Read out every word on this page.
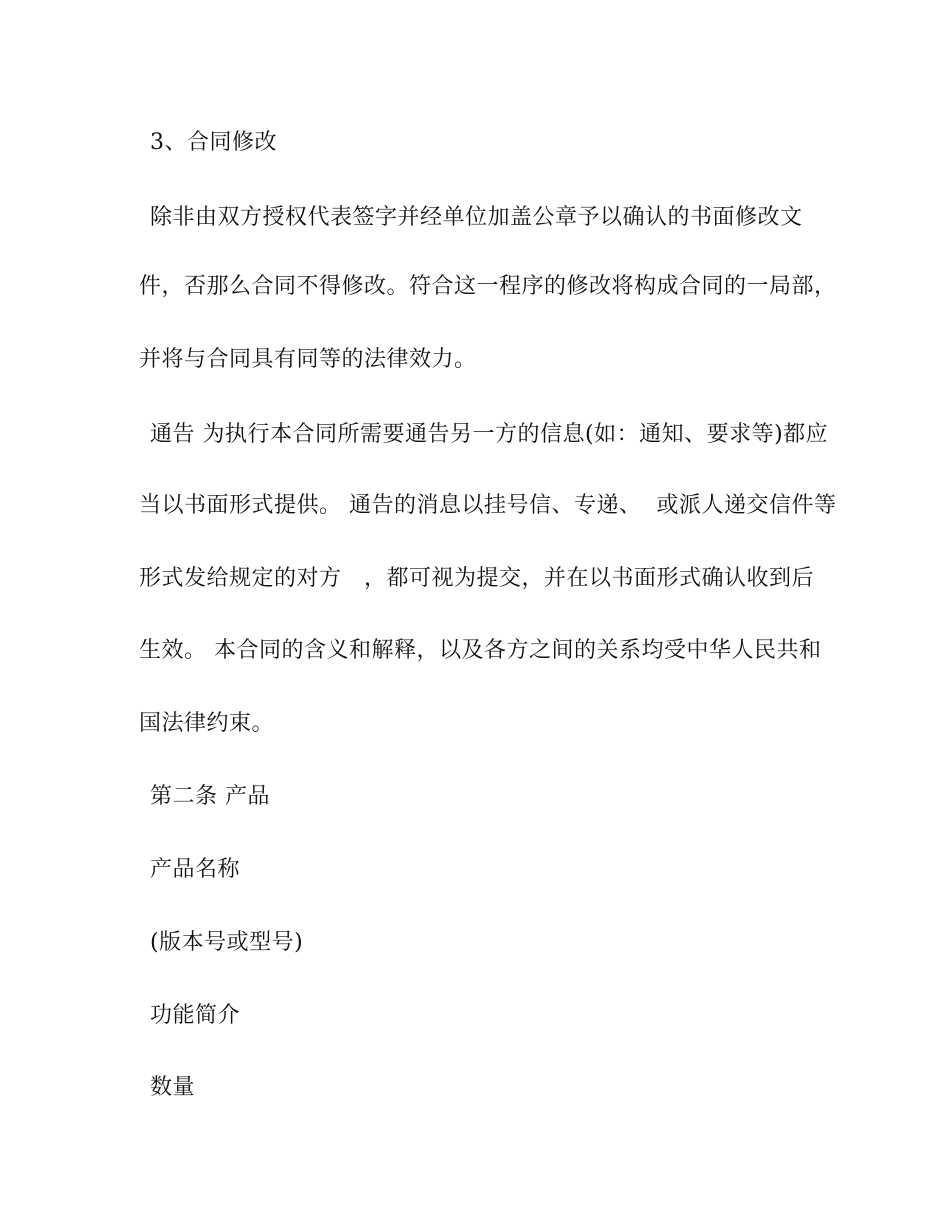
3、合同修改
除非由双方授权代表签字并经单位加盖公章予以确认的书面修改文
件，否那么合同不得修改。符合这一程序的修改将构成合同的一局部，
并将与合同具有同等的法律效力。
通告 为执行本合同所需要通告另一方的信息(如：通知、要求等)都应
当以书面形式提供。 通告的消息以挂号信、专递、  或派人递交信件等
形式发给规定的对方   ，都可视为提交，并在以书面形式确认收到后
生效。 本合同的含义和解释，以及各方之间的关系均受中华人民共和
国法律约束。
第二条 产品
产品名称
(版本号或型号)
功能简介
数量
